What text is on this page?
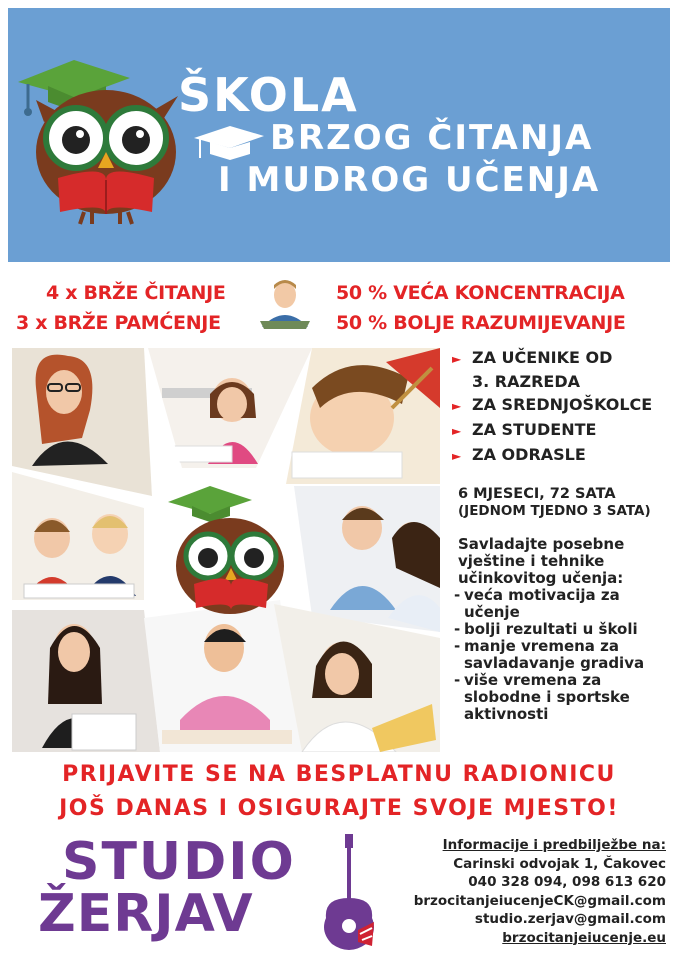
ŠKOLA
BRZOG ČITANJA
I MUDROG UČENJA
4 x BRŽE ČITANJE
3 x BRŽE PAMĆENJE
50 % VEĆA KONCENTRACIJA
50 % BOLJE RAZUMIJEVANJE
► ZA UČENIKE OD
3. RAZREDA
► ZA SREDNJOŠKOLCE
► ZA STUDENTE
► ZA ODRASLE
6 MJESECI, 72 SATA
(JEDNOM TJEDNO 3 SATA)
Savladajte posebne
vještine i tehnike
učinkovitog učenja:
- veća motivacija za
učenje
- bolji rezultati u školi
- manje vremena za
savladavanje gradiva
- više vremena za
slobodne i sportske
aktivnosti
PRIJAVITE SE NA BESPLATNU RADIONICU
JOŠ DANAS I OSIGURAJTE SVOJE MJESTO!
STUDIO
ŽERJAV
Informacije i predbilježbe na:
Carinski odvojak 1, Čakovec
040 328 094, 098 613 620
brzocitanjeiucenjeCK@gmail.com
studio.zerjav@gmail.com
brzocitanjeiucenje.eu
